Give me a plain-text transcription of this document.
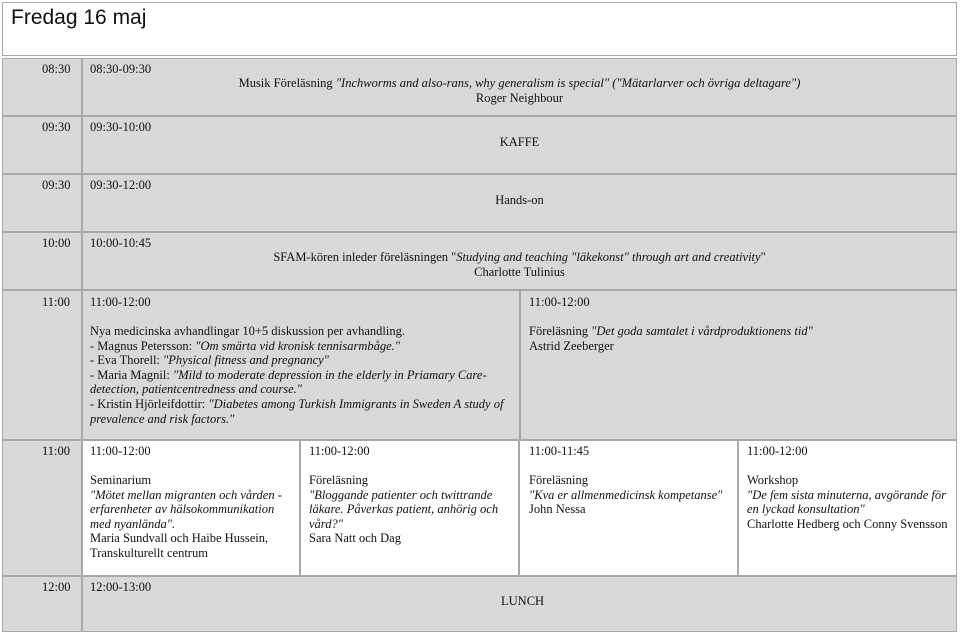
Fredag 16 maj
08:30 08:30-09:30
Musik Föreläsning "Inchworms and also-rans, why generalism is special" ("Mätarlarver och övriga deltagare")
Roger Neighbour
09:30 09:30-10:00
KAFFE
09:30 09:30-12:00
Hands-on
10:00 10:00-10:45
SFAM-kören inleder föreläsningen "Studying and teaching "läkekonst" through art and creativity"
Charlotte Tulinius
11:00 11:00-12:00
Nya medicinska avhandlingar 10+5 diskussion per avhandling.
- Magnus Petersson: "Om smärta vid kronisk tennisarmbåge."
- Eva Thorell: "Physical fitness and pregnancy"
- Maria Magnil: "Mild to moderate depression in the elderly in Priamary Care-detection, patientcentredness and course."
- Kristin Hjörleifdottir: "Diabetes among Turkish Immigrants in Sweden A study of prevalence and risk factors."
11:00-12:00
Föreläsning "Det goda samtalet i vårdproduktionens tid"
Astrid Zeeberger
11:00 11:00-12:00
Seminarium
"Mötet mellan migranten och vården - erfarenheter av hälsokommunikation med nyanlända".
Maria Sundvall och Haibe Hussein, Transkulturellt centrum
11:00-12:00
Föreläsning
"Bloggande patienter och twittrande läkare. Påverkas patient, anhörig och vård?"
Sara Natt och Dag
11:00-11:45
Föreläsning
"Kva er allmenmedicinsk kompetanse"
John Nessa
11:00-12:00
Workshop
"De fem sista minuterna, avgörande för en lyckad konsultation"
Charlotte Hedberg och Conny Svensson
12:00 12:00-13:00
LUNCH
